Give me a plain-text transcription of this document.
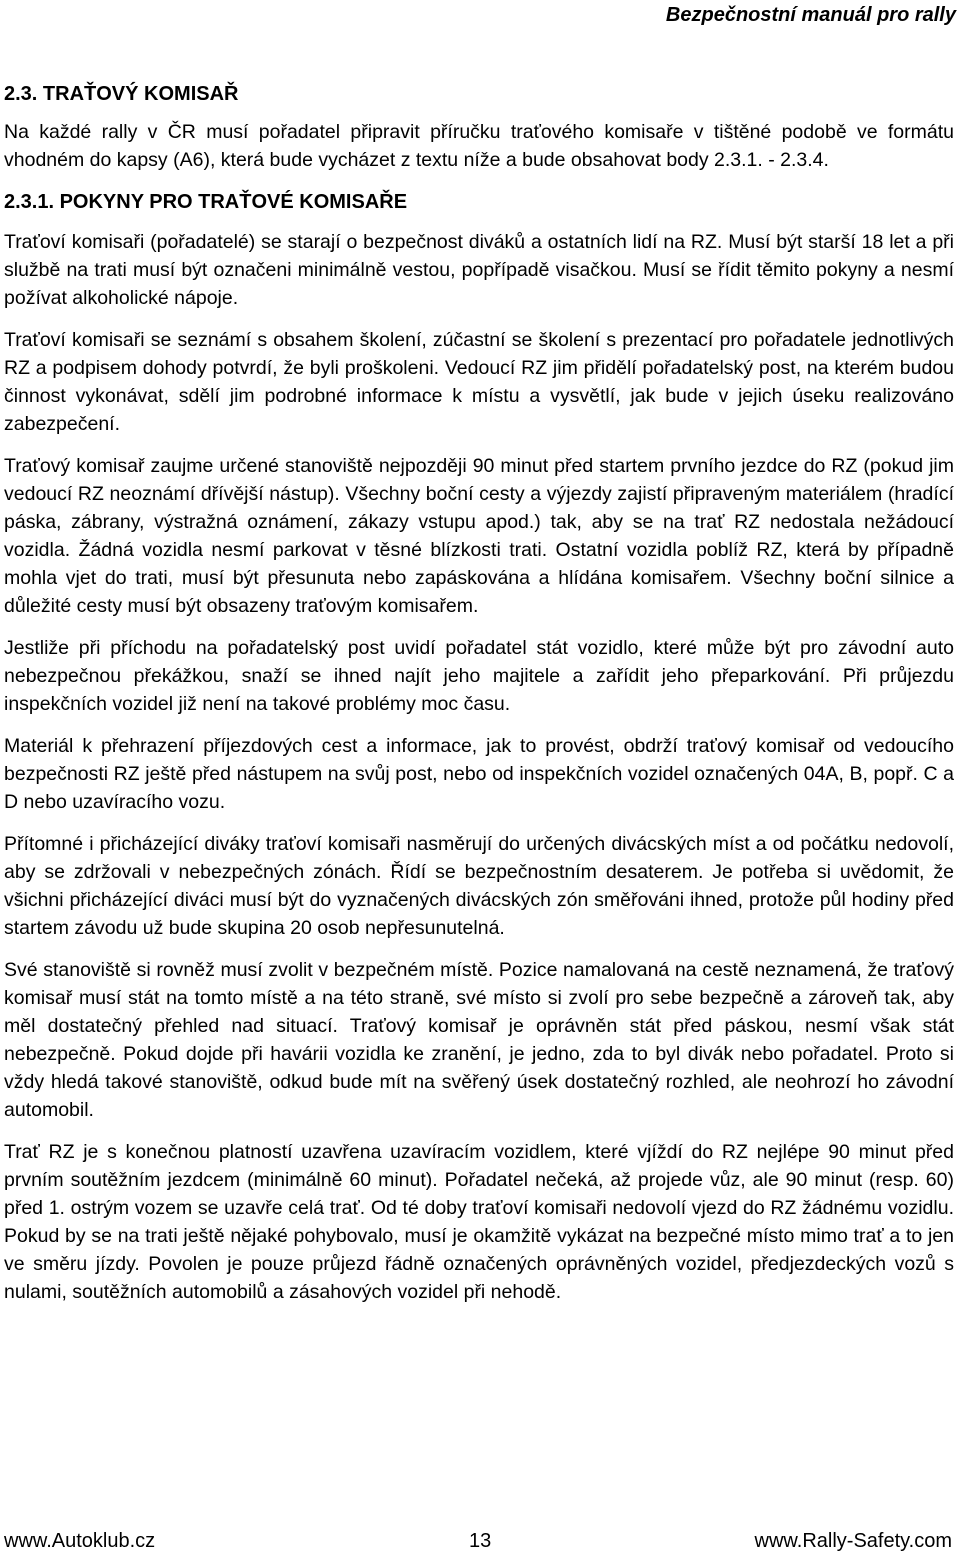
Bezpečnostní manuál pro rally
2.3. TRAŤOVÝ KOMISAŘ

Na každé rally v ČR musí pořadatel připravit příručku traťového komisaře v tištěné podobě ve formátu vhodném do kapsy (A6), která bude vycházet z textu níže a bude obsahovat body 2.3.1. - 2.3.4.

2.3.1. POKYNY PRO TRAŤOVÉ KOMISAŘE

Traťoví komisaři (pořadatelé) se starají o bezpečnost diváků a ostatních lidí na RZ. Musí být starší 18 let a při službě na trati musí být označeni minimálně vestou, popřípadě visačkou. Musí se řídit těmito pokyny a nesmí požívat alkoholické nápoje.

Traťoví komisaři se seznámí s obsahem školení, zúčastní se školení s prezentací pro pořadatele jednotlivých RZ a podpisem dohody potvrdí, že byli proškoleni. Vedoucí RZ jim přidělí pořadatelský post, na kterém budou činnost vykonávat, sdělí jim podrobné informace k místu a vysvětlí, jak bude v jejich úseku realizováno zabezpečení.

Traťový komisař zaujme určené stanoviště nejpozději 90 minut před startem prvního jezdce do RZ (pokud jim vedoucí RZ neoznámí dřívější nástup). Všechny boční cesty a výjezdy zajistí připraveným materiálem (hradící páska, zábrany, výstražná oznámení, zákazy vstupu apod.) tak, aby se na trať RZ nedostala nežádoucí vozidla. Žádná vozidla nesmí parkovat v těsné blízkosti trati. Ostatní vozidla poblíž RZ, která by případně mohla vjet do trati, musí být přesunuta nebo zapáskována a hlídána komisařem. Všechny boční silnice a důležité cesty musí být obsazeny traťovým komisařem.

Jestliže při příchodu na pořadatelský post uvidí pořadatel stát vozidlo, které může být pro závodní auto nebezpečnou překážkou, snaží se ihned najít jeho majitele a zařídit jeho přeparkování. Při průjezdu inspekčních vozidel již není na takové problémy moc času.

Materiál k přehrazení příjezdových cest a informace, jak to provést, obdrží traťový komisař od vedoucího bezpečnosti RZ ještě před nástupem na svůj post, nebo od inspekčních vozidel označených 04A, B, popř. C a D nebo uzavíracího vozu.

Přítomné i přicházející diváky traťoví komisaři nasměrují do určených divácských míst a od počátku nedovolí, aby se zdržovali v nebezpečných zónách. Řídí se bezpečnostním desaterem. Je potřeba si uvědomit, že všichni přicházející diváci musí být do vyznačených divácských zón směřováni ihned, protože půl hodiny před startem závodu už bude skupina 20 osob nepřesunutelná.

Své stanoviště si rovněž musí zvolit v bezpečném místě. Pozice namalovaná na cestě neznamená, že traťový komisař musí stát na tomto místě a na této straně, své místo si zvolí pro sebe bezpečně a zároveň tak, aby měl dostatečný přehled nad situací. Traťový komisař je oprávněn stát před páskou, nesmí však stát nebezpečně. Pokud dojde při havárii vozidla ke zranění, je jedno, zda to byl divák nebo pořadatel. Proto si vždy hledá takové stanoviště, odkud bude mít na svěřený úsek dostatečný rozhled, ale neohrozí ho závodní automobil.

Trať RZ je s konečnou platností uzavřena uzavíracím vozidlem, které vjíždí do RZ nejlépe 90 minut před prvním soutěžním jezdcem (minimálně 60 minut). Pořadatel nečeká, až projede vůz, ale 90 minut (resp. 60) před 1. ostrým vozem se uzavře celá trať. Od té doby traťoví komisaři nedovolí vjezd do RZ žádnému vozidlu. Pokud by se na trati ještě nějaké pohybovalo, musí je okamžitě vykázat na bezpečné místo mimo trať a to jen ve směru jízdy. Povolen je pouze průjezd řádně označených oprávněných vozidel, předjezdeckých vozů s nulami, soutěžních automobilů a zásahových vozidel při nehodě.

www.Autoklub.cz	13	www.Rally-Safety.com
